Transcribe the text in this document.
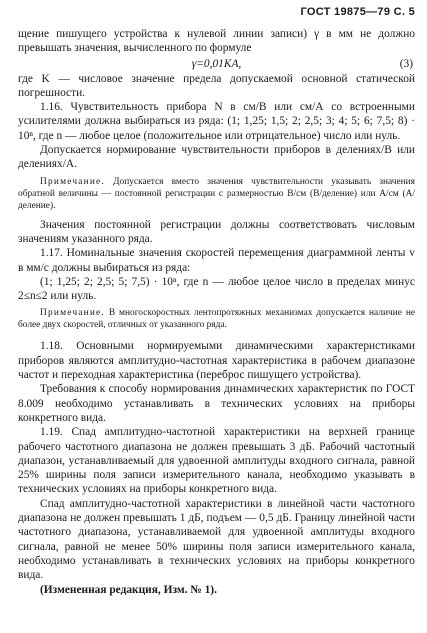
ГОСТ 19875—79 С. 5

щение пишущего устройства к нулевой линии записи) γ в мм не должно превышать значения, вычисленного по формуле

γ=0,01KA,	(3)

где K — числовое значение предела допускаемой основной статической погрешности.

1.16. Чувствительность прибора N в см/В или см/А со встроенными усилителями должна выбираться из ряда: (1; 1,25; 1,5; 2; 2,5; 3; 4; 5; 6; 7,5; 8) · 10ⁿ, где n — любое целое (положительное или отрицательное) число или нуль.

Допускается нормирование чувствительности приборов в делениях/В или делениях/А.

Примечание. Допускается вместо значения чувствительности указывать значения обратной величины — постоянной регистрации с размерностью В/см (В/деление) или А/см (А/деление).

Значения постоянной регистрации должны соответствовать числовым значениям указанного ряда.

1.17. Номинальные значения скоростей перемещения диаграммной ленты v в мм/с должны выбираться из ряда:

(1; 1,25; 2; 2,5; 5; 7,5) · 10ⁿ, где n — любое целое число в пределах минус 2≤n≤2 или нуль.

Примечание. В многоскоростных лентопротяжных механизмах допускается наличие не более двух скоростей, отличных от указанного ряда.

1.18. Основными нормируемыми динамическими характеристиками приборов являются амплитудно-частотная характеристика в рабочем диапазоне частот и переходная характеристика (переброс пишущего устройства).

Требования к способу нормирования динамических характеристик по ГОСТ 8.009 необходимо устанавливать в технических условиях на приборы конкретного вида.

1.19. Спад амплитудно-частотной характеристики на верхней границе рабочего частотного диапазона не должен превышать 3 дБ. Рабочий частотный диапазон, устанавливаемый для удвоенной амплитуды входного сигнала, равной 25% ширины поля записи измерительного канала, необходимо указывать в технических условиях на приборы конкретного вида.

Спад амплитудно-частотной характеристики в линейной части частотного диапазона не должен превышать 1 дБ, подъем — 0,5 дБ. Границу линейной части частотного диапазона, устанавливаемой для удвоенной амплитуды входного сигнала, равной не менее 50% ширины поля записи измерительного канала, необходимо устанавливать в технических условиях на приборы конкретного вида.

(Измененная редакция, Изм. № 1).
